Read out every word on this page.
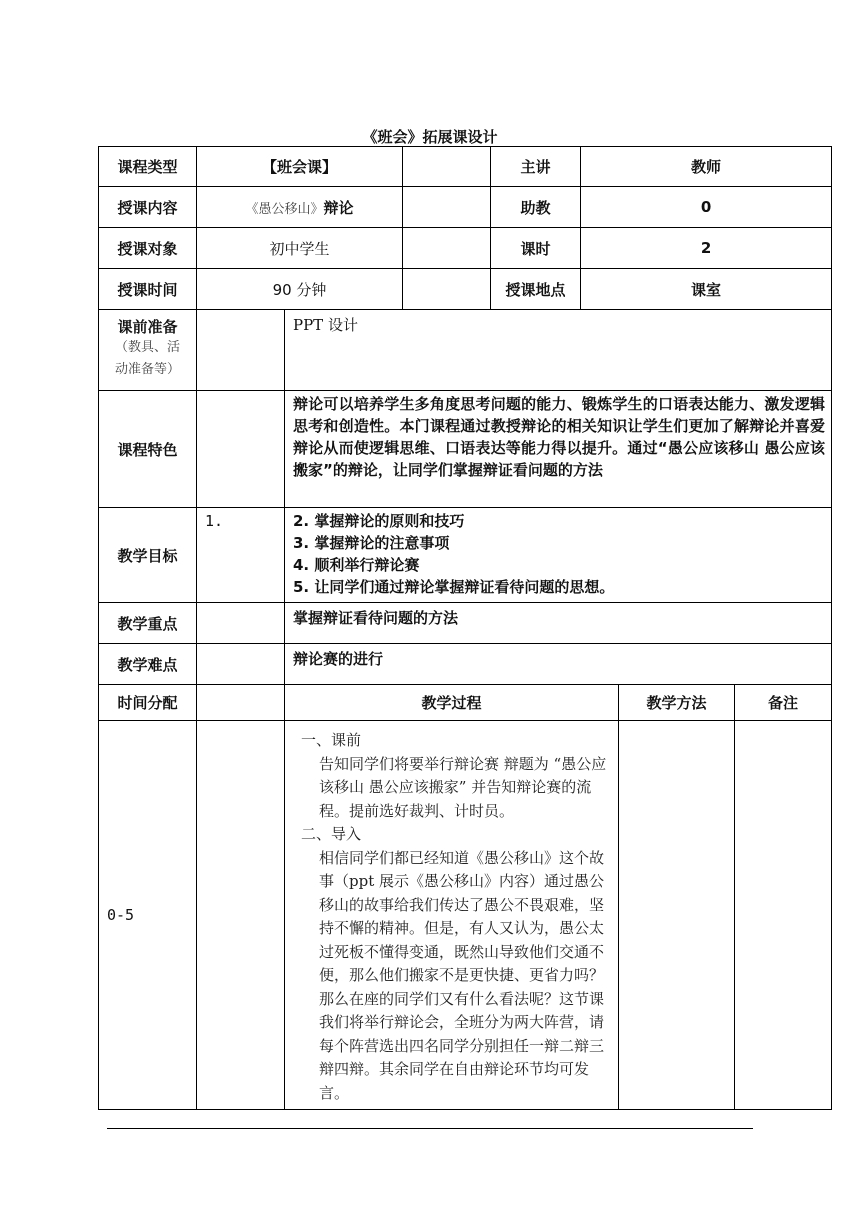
《班会》拓展课设计
课程类型	【班会课】			主讲	教师		
授课内容	《愚公移山》辩论			助教	0		
授课对象	初中学生			课时	2		
授课时间	90 分钟			授课地点	课室		

课前准备
（教具、活
动准备等）		PPT 设计					
课程特色		辩论可以培养学生多角度思考问题的能力、锻炼学生的口语表达能力、激发逻辑思考和创造性。本门课程通过教授辩论的相关知识让学生们更加了解辩论并喜爱辩论从而使逻辑思维、口语表达等能力得以提升。通过“愚公应该移山 愚公应该搬家”的辩论，让同学们掌握辩证看问题的方法					
教学目标	1.	2. 掌握辩论的原则和技巧
3. 掌握辩论的注意事项
4. 顺利举行辩论赛
5. 让同学们通过辩论掌握辩证看待问题的思想。					

教学重点		掌握辩证看待问题的方法					
教学难点		辩论赛的进行					
时间分配		教学过程				教学方法	备注
0-5		一、课前
告知同学们将要举行辩论赛 辩题为 “愚公应该移山 愚公应该搬家” 并告知辩论赛的流程。提前选好裁判、计时员。
二、导入
相信同学们都已经知道《愚公移山》这个故事（ppt 展示《愚公移山》内容）通过愚公移山的故事给我们传达了愚公不畏艰难，坚持不懈的精神。但是，有人又认为，愚公太过死板不懂得变通，既然山导致他们交通不便，那么他们搬家不是更快捷、更省力吗？那么在座的同学们又有什么看法呢？这节课我们将举行辩论会，全班分为两大阵营，请每个阵营选出四名同学分别担任一辩二辩三辩四辩。其余同学在自由辩论环节均可发言。					
